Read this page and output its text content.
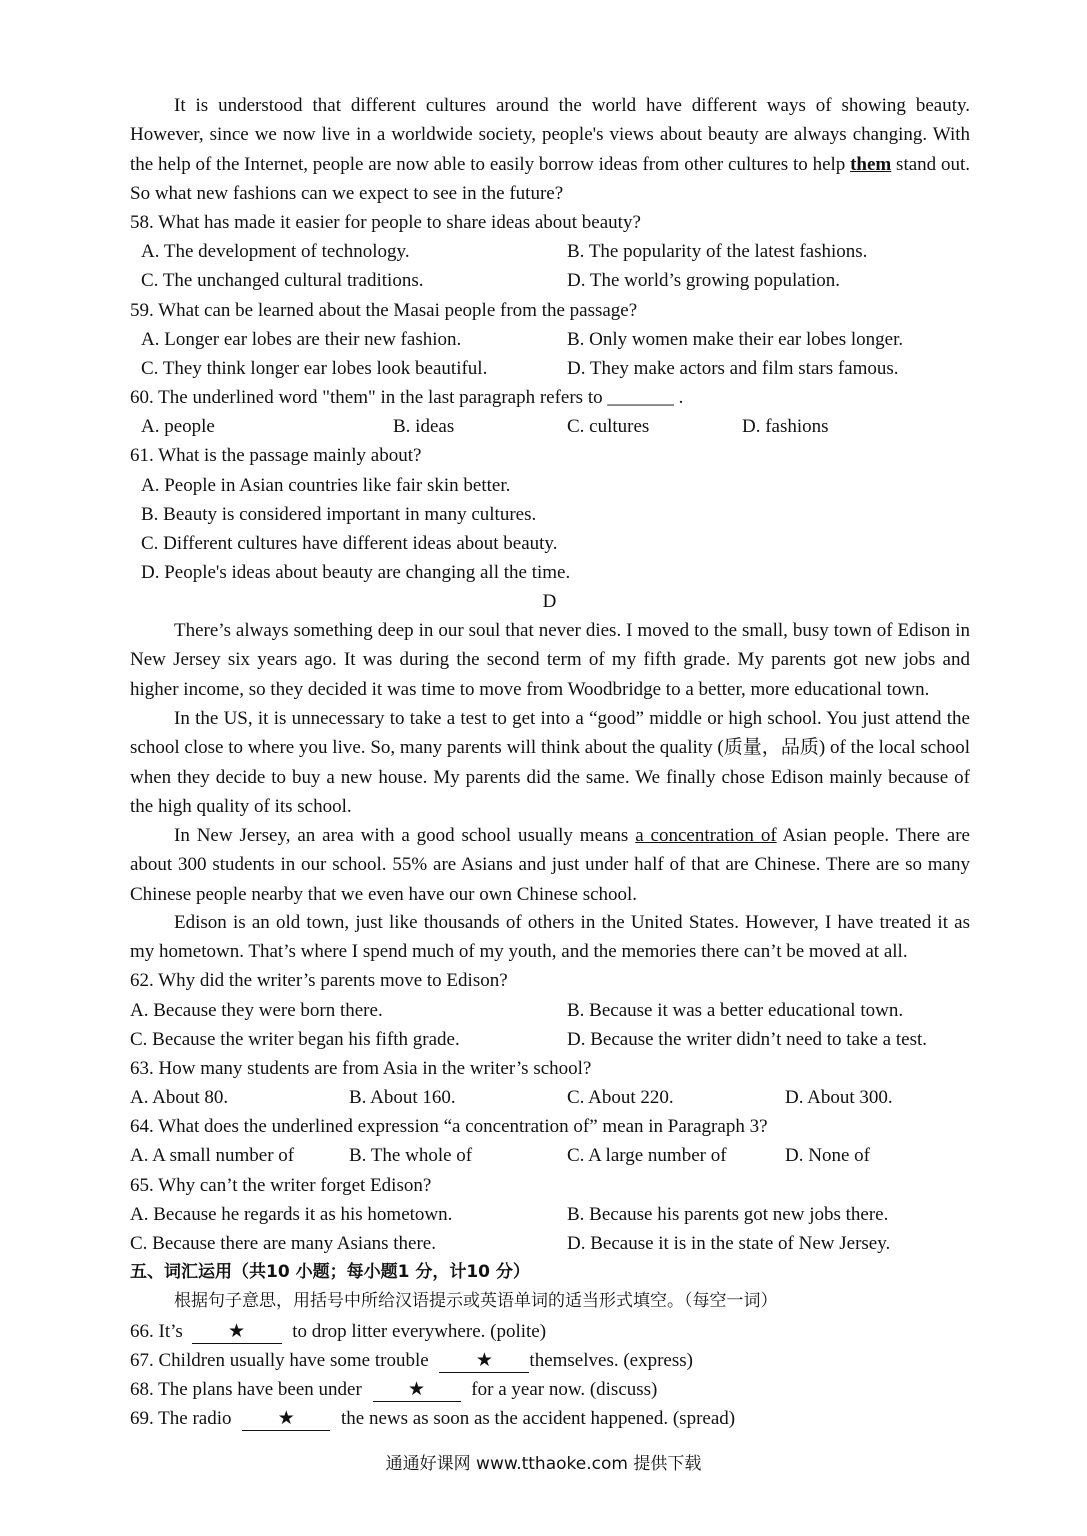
It is understood that different cultures around the world have different ways of showing beauty. However, since we now live in a worldwide society, people's views about beauty are always changing. With the help of the Internet, people are now able to easily borrow ideas from other cultures to help them stand out. So what new fashions can we expect to see in the future?
58. What has made it easier for people to share ideas about beauty?
A. The development of technology.	B. The popularity of the latest fashions.
C. The unchanged cultural traditions.	D. The world’s growing population.
59. What can be learned about the Masai people from the passage?
A. Longer ear lobes are their new fashion.	B. Only women make their ear lobes longer.
C. They think longer ear lobes look beautiful.	D. They make actors and film stars famous.
60. The underlined word "them" in the last paragraph refers to _______ .
A. people	B. ideas	C. cultures	D. fashions
61. What is the passage mainly about?
A. People in Asian countries like fair skin better.
B. Beauty is considered important in many cultures.
C. Different cultures have different ideas about beauty.
D. People's ideas about beauty are changing all the time.
D
There’s always something deep in our soul that never dies. I moved to the small, busy town of Edison in New Jersey six years ago. It was during the second term of my fifth grade. My parents got new jobs and higher income, so they decided it was time to move from Woodbridge to a better, more educational town.
In the US, it is unnecessary to take a test to get into a “good” middle or high school. You just attend the school close to where you live. So, many parents will think about the quality (质量，品质) of the local school when they decide to buy a new house. My parents did the same. We finally chose Edison mainly because of the high quality of its school.
In New Jersey, an area with a good school usually means a concentration of Asian people. There are about 300 students in our school. 55% are Asians and just under half of that are Chinese. There are so many Chinese people nearby that we even have our own Chinese school.
Edison is an old town, just like thousands of others in the United States. However, I have treated it as my hometown. That’s where I spend much of my youth, and the memories there can’t be moved at all.
62. Why did the writer’s parents move to Edison?
A. Because they were born there.	B. Because it was a better educational town.
C. Because the writer began his fifth grade.	D. Because the writer didn’t need to take a test.
63. How many students are from Asia in the writer’s school?
A. About 80.	B. About 160.	C. About 220.	D. About 300.
64. What does the underlined expression “a concentration of” mean in Paragraph 3?
A. A small number of	B. The whole of	C. A large number of	D. None of
65. Why can’t the writer forget Edison?
A. Because he regards it as his hometown.	B. Because his parents got new jobs there.
C. Because there are many Asians there.	D. Because it is in the state of New Jersey.
五、词汇运用（共10 小题；每小题1 分，计10 分）
根据句子意思，用括号中所给汉语提示或英语单词的适当形式填空。（每空一词）
66. It’s ★ to drop litter everywhere. (polite)
67. Children usually have some trouble ★ themselves. (express)
68. The plans have been under ★ for a year now. (discuss)
69. The radio ★ the news as soon as the accident happened. (spread)
通通好课网 www.tthaoke.com 提供下载
